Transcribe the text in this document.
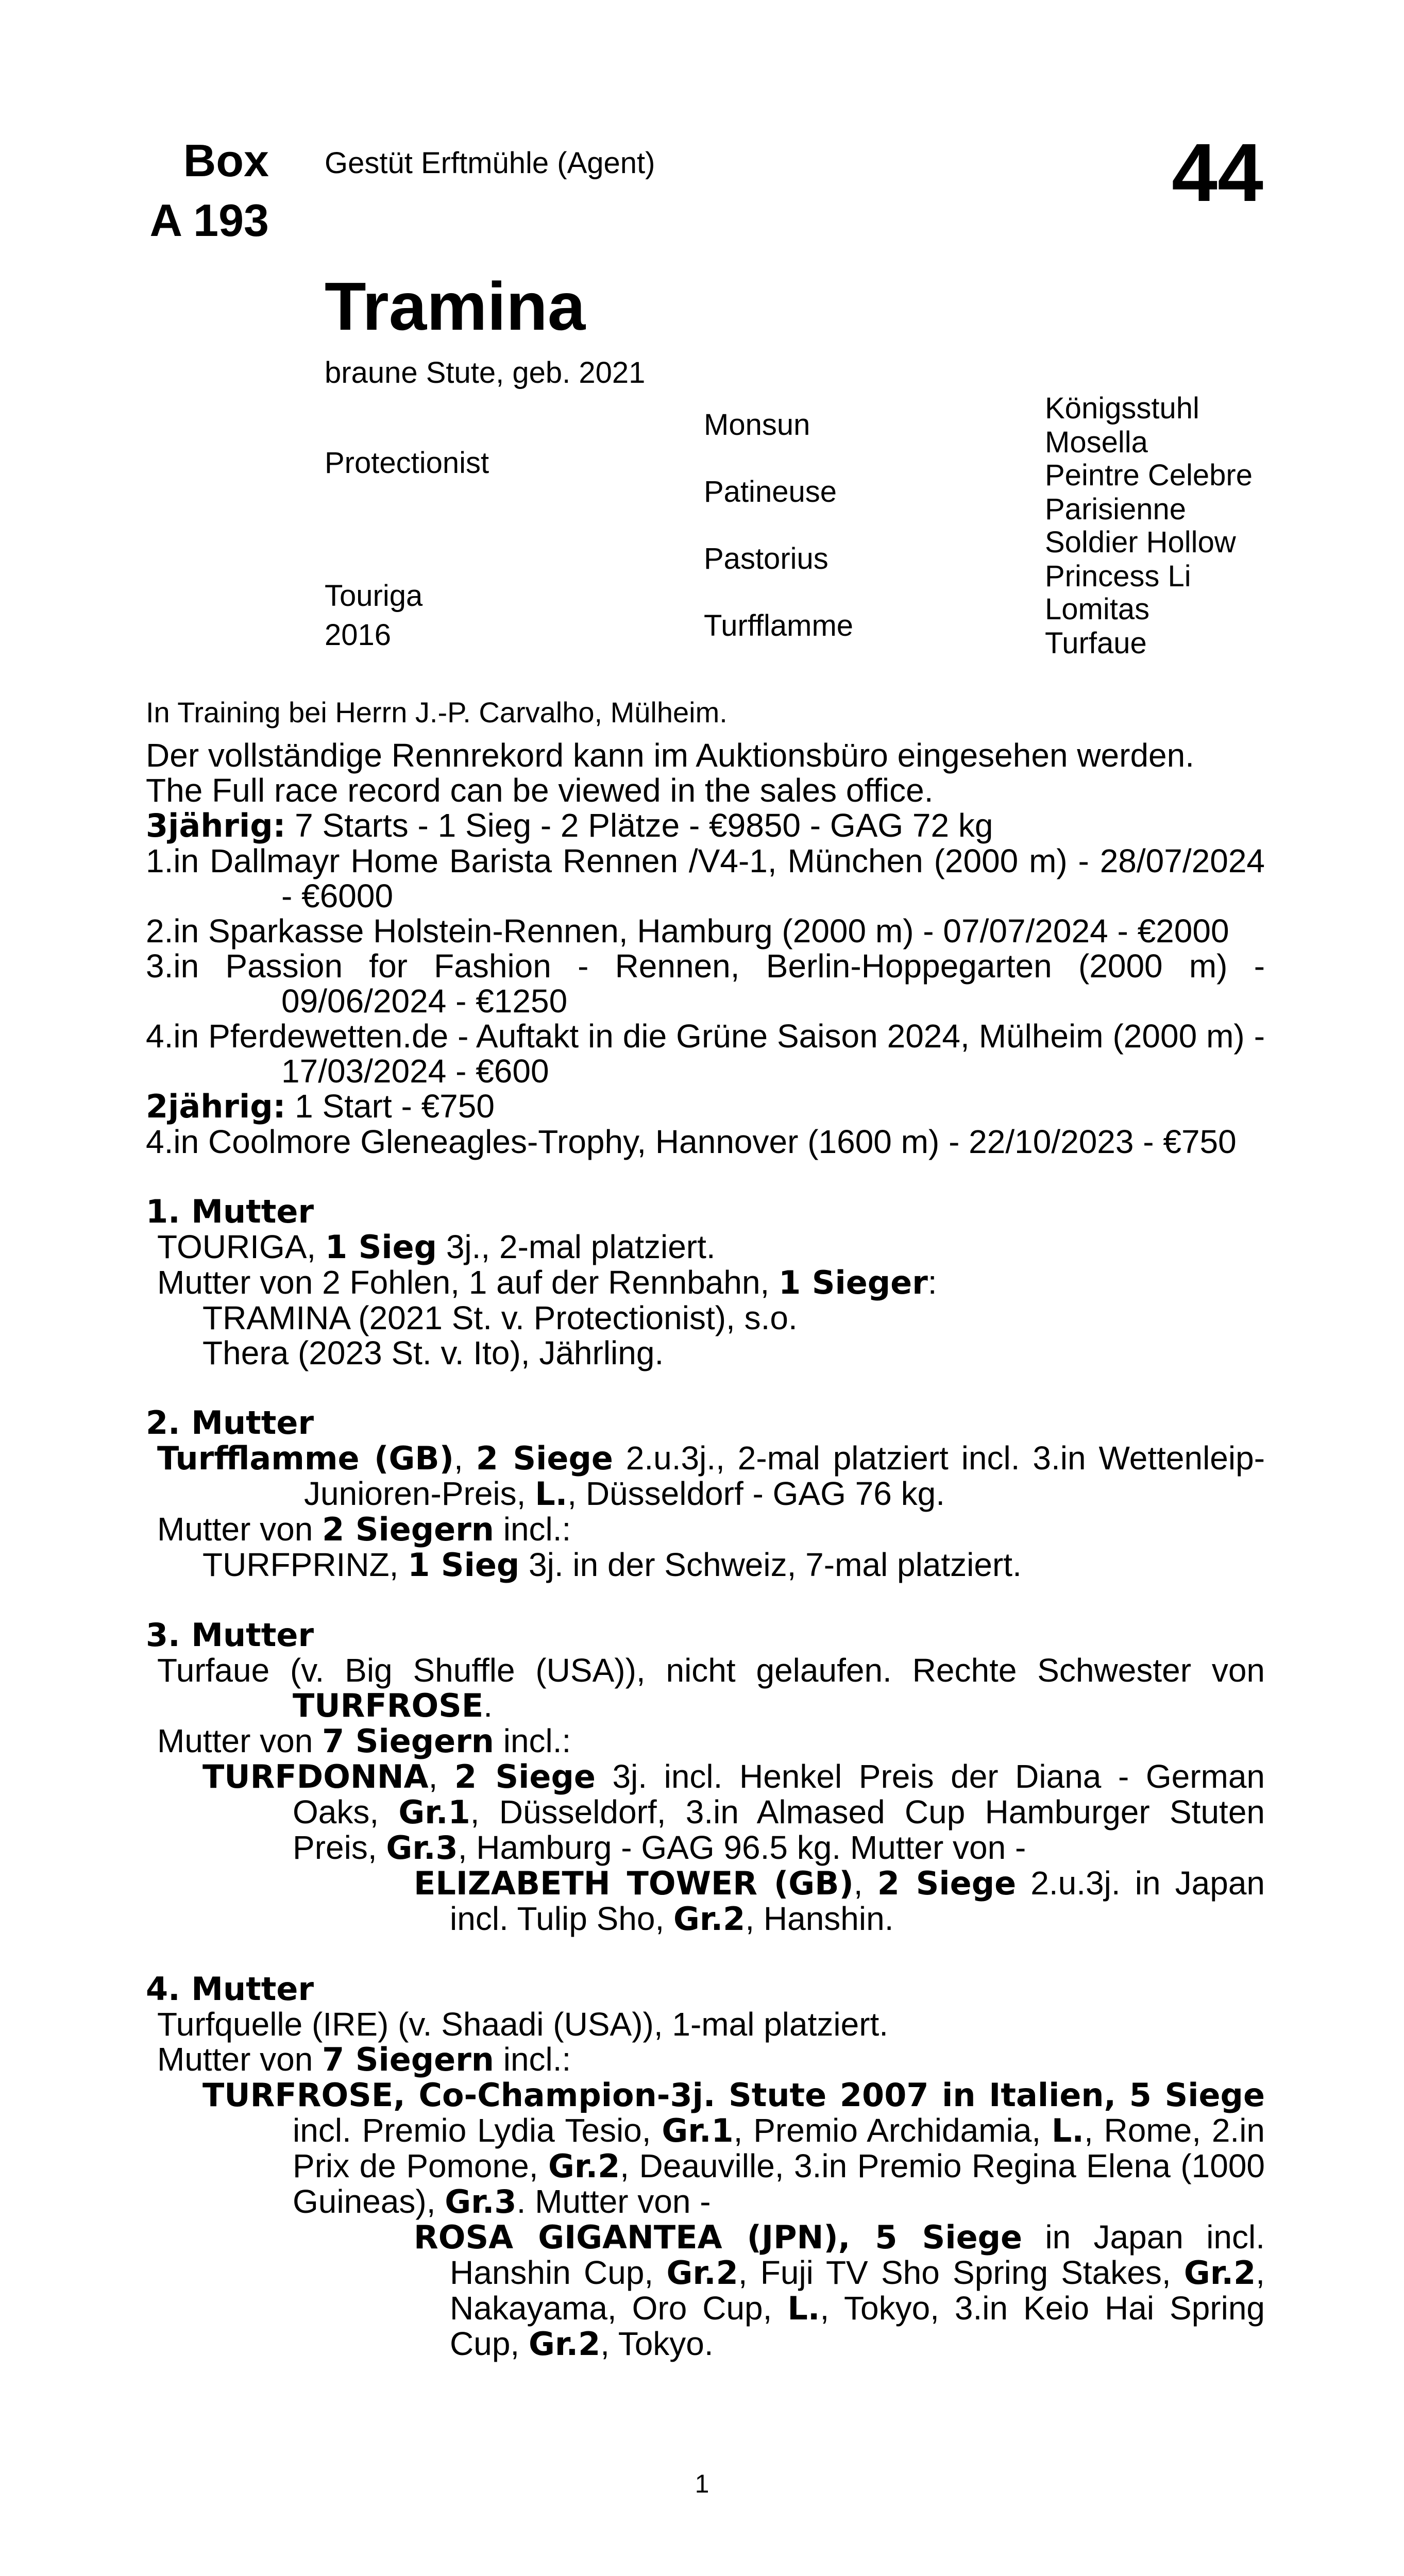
Box
A 193
Gestüt Erftmühle (Agent)	44
Tramina
braune Stute, geb. 2021
Protectionist
Touriga
2016
Monsun
Patineuse
Pastorius
Turfflamme
Königsstuhl
Mosella
Peintre Celebre
Parisienne
Soldier Hollow
Princess Li
Lomitas
Turfaue
In Training bei Herrn J.-P. Carvalho, Mülheim.

Der vollständige Rennrekord kann im Auktionsbüro eingesehen werden.

The Full race record can be viewed in the sales office.

3jährig: 7 Starts - 1 Sieg - 2 Plätze - €9850 - GAG 72 kg

1.in Dallmayr Home Barista Rennen /V4-1, München (2000 m) - 28/07/2024 - €6000

2.in Sparkasse Holstein-Rennen, Hamburg (2000 m) - 07/07/2024 - €2000

3.in Passion for Fashion - Rennen, Berlin-Hoppegarten (2000 m) - 09/06/2024 - €1250

4.in Pferdewetten.de - Auftakt in die Grüne Saison 2024, Mülheim (2000 m) - 17/03/2024 - €600

2jährig: 1 Start - €750

4.in Coolmore Gleneagles-Trophy, Hannover (1600 m) - 22/10/2023 - €750

1. Mutter

TOURIGA, 1 Sieg 3j., 2-mal platziert.

Mutter von 2 Fohlen, 1 auf der Rennbahn, 1 Sieger:

TRAMINA (2021 St. v. Protectionist), s.o.

Thera (2023 St. v. Ito), Jährling.

2. Mutter

Turfflamme (GB), 2 Siege 2.u.3j., 2-mal platziert incl. 3.in Wettenleip-Junioren-Preis, L., Düsseldorf - GAG 76 kg.

Mutter von 2 Siegern incl.:

TURFPRINZ, 1 Sieg 3j. in der Schweiz, 7-mal platziert.

3. Mutter

Turfaue (v. Big Shuffle (USA)), nicht gelaufen. Rechte Schwester von TURFROSE.

Mutter von 7 Siegern incl.:

TURFDONNA, 2 Siege 3j. incl. Henkel Preis der Diana - German Oaks, Gr.1, Düsseldorf, 3.in Almased Cup Hamburger Stuten Preis, Gr.3, Hamburg - GAG 96.5 kg. Mutter von -

ELIZABETH TOWER (GB), 2 Siege 2.u.3j. in Japan incl. Tulip Sho, Gr.2, Hanshin.

4. Mutter

Turfquelle (IRE) (v. Shaadi (USA)), 1-mal platziert.

Mutter von 7 Siegern incl.:

TURFROSE, Co-Champion-3j. Stute 2007 in Italien, 5 Siege incl. Premio Lydia Tesio, Gr.1, Premio Archidamia, L., Rome, 2.in Prix de Pomone, Gr.2, Deauville, 3.in Premio Regina Elena (1000 Guineas), Gr.3. Mutter von -

ROSA GIGANTEA (JPN), 5 Siege in Japan incl. Hanshin Cup, Gr.2, Fuji TV Sho Spring Stakes, Gr.2, Nakayama, Oro Cup, L., Tokyo, 3.in Keio Hai Spring Cup, Gr.2, Tokyo.

1
